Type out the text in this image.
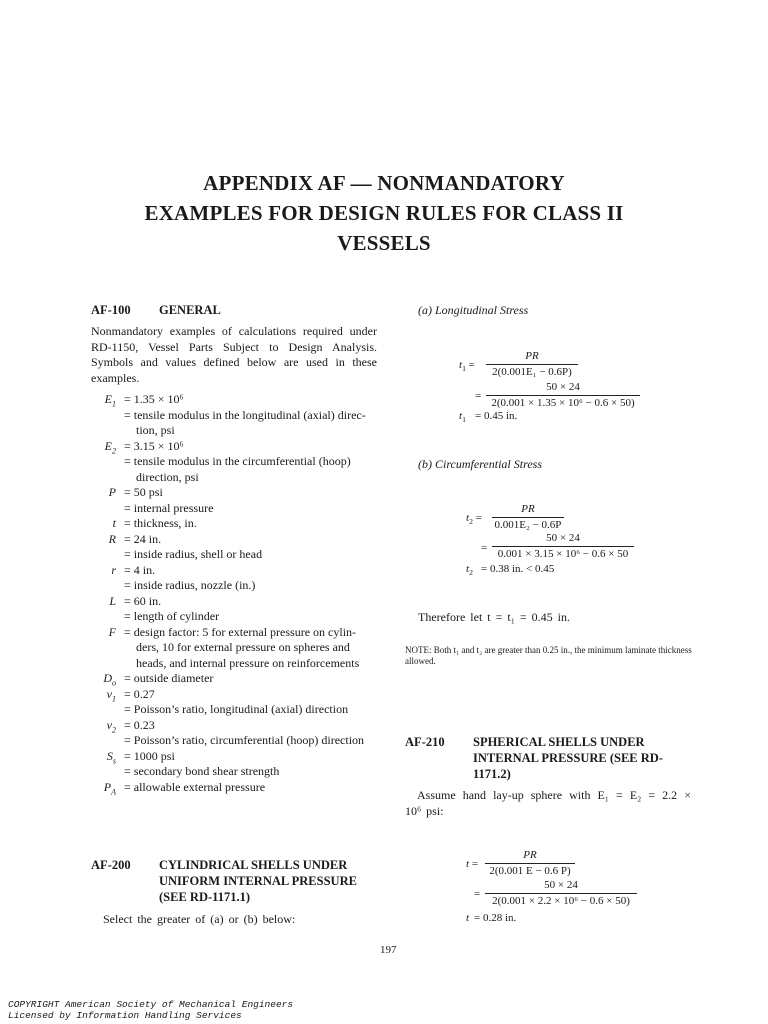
APPENDIX AF — NONMANDATORY
EXAMPLES FOR DESIGN RULES FOR CLASS II
VESSELS
AF-100 GENERAL
Nonmandatory examples of calculations required under RD-1150, Vessel Parts Subject to Design Analysis. Symbols and values defined below are used in these examples.
$E_1 = 1.35 \times 10^6$
= tensile modulus in the longitudinal (axial) direc-
tion, psi
$E_2 = 3.15 \times 10^6$
= tensile modulus in the circumferential (hoop)
direction, psi
P = 50 psi
= internal pressure
t = thickness, in.
R = 24 in.
= inside radius, shell or head
r = 4 in.
= inside radius, nozzle (in.)
L = 60 in.
= length of cylinder
F = design factor: 5 for external pressure on cylin-
ders, 10 for external pressure on spheres and
heads, and internal pressure on reinforcements
$D_o$ = outside diameter
$\nu_1 = 0.27$
= Poisson’s ratio, longitudinal (axial) direction
$\nu_2 = 0.23$
= Poisson’s ratio, circumferential (hoop) direction
$S_s = 1000$ psi
= secondary bond shear strength
$P_A$ = allowable external pressure
AF-200 CYLINDRICAL SHELLS UNDER
UNIFORM INTERNAL PRESSURE
(SEE RD-1171.1)
Select the greater of (a) or (b) below:
(a) Longitudinal Stress
$t_1 = \frac{PR}{\text{2(0.001E₁ − 0.6P)}}$
= $\frac{50 \times 24}{\text{2(0.001 × 1.35 × 10⁶ − 0.6 × 50)}}$
$t_1 = 0.45$ in.
(b) Circumferential Stress
$t_2 = \frac{PR}{\text{0.001E₂ − 0.6P}}$
= $\frac{50 \times 24}{\text{0.001 × 3.15 × 10⁶ − 0.6 × 50}}$
$t_2 = 0.38$ in. < 0.45
Therefore let t = t₁ = 0.45 in.
NOTE: Both t₁ and t₂ are greater than 0.25 in., the minimum laminate thickness allowed.
AF-210 SPHERICAL SHELLS UNDER
INTERNAL PRESSURE (SEE RD-
1171.2)
Assume hand lay-up sphere with E₁ = E₂ = 2.2 × 10⁶ psi:
$t = \frac{PR}{2(0.001 E - 0.6 P)}$
= $\frac{50 \times 24}{\text{2(0.001 × 2.2 × 10⁶ − 0.6 × 50)}}$
t = 0.28 in.
197
COPYRIGHT American Society of Mechanical Engineers
Licensed by Information Handling Services
